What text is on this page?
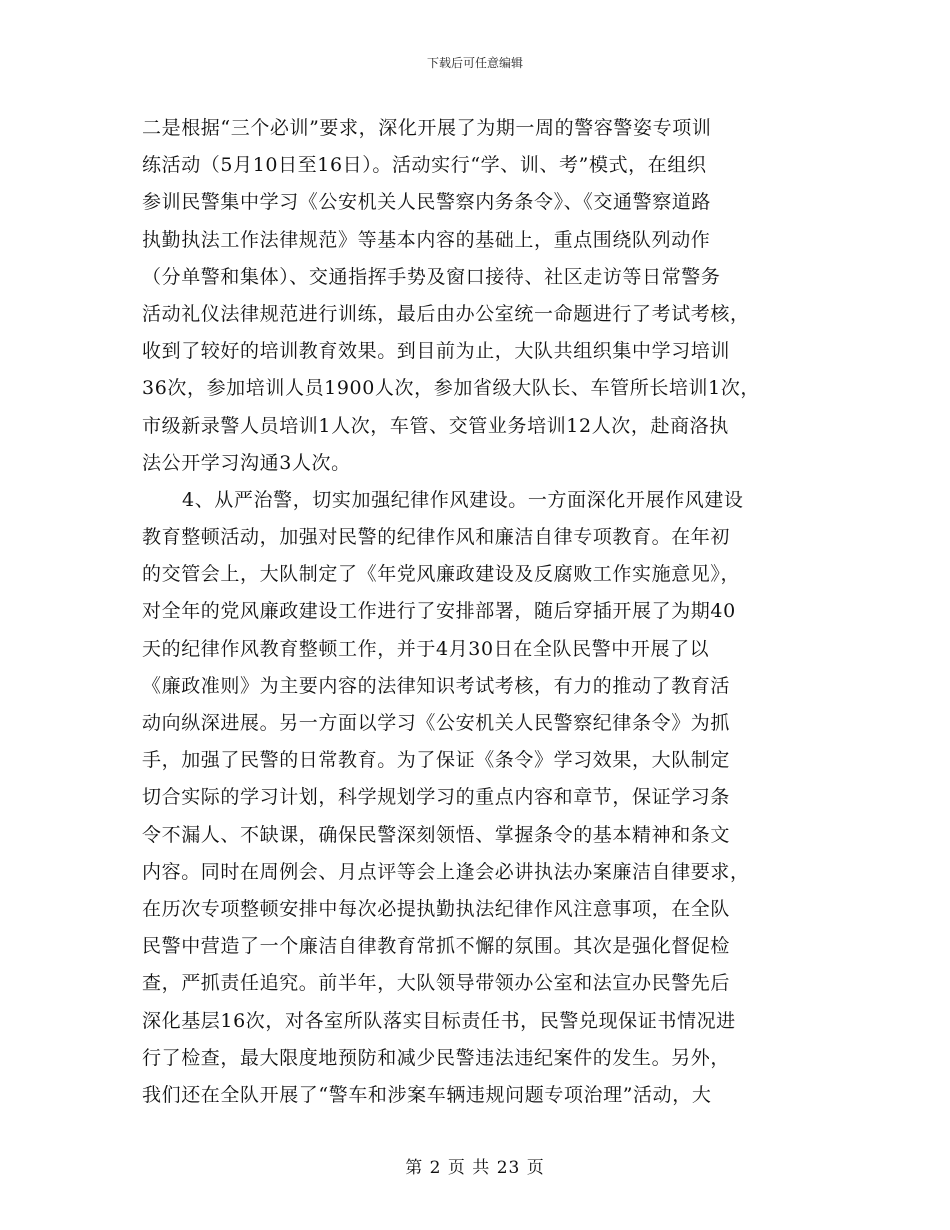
下载后可任意编辑
二是根据“三个必训”要求，深化开展了为期一周的警容警姿专项训
练活动（5月10日至16日）。活动实行“学、训、考”模式，在组织
参训民警集中学习《公安机关人民警察内务条令》、《交通警察道路
执勤执法工作法律规范》等基本内容的基础上，重点围绕队列动作
（分单警和集体）、交通指挥手势及窗口接待、社区走访等日常警务
活动礼仪法律规范进行训练，最后由办公室统一命题进行了考试考核，
收到了较好的培训教育效果。到目前为止，大队共组织集中学习培训
36次，参加培训人员1900人次，参加省级大队长、车管所长培训1次，
市级新录警人员培训1人次，车管、交管业务培训12人次，赴商洛执
法公开学习沟通3人次。
4、从严治警，切实加强纪律作风建设。一方面深化开展作风建设
教育整顿活动，加强对民警的纪律作风和廉洁自律专项教育。在年初
的交管会上，大队制定了《年党风廉政建设及反腐败工作实施意见》，
对全年的党风廉政建设工作进行了安排部署，随后穿插开展了为期40
天的纪律作风教育整顿工作，并于4月30日在全队民警中开展了以
《廉政准则》为主要内容的法律知识考试考核，有力的推动了教育活
动向纵深进展。另一方面以学习《公安机关人民警察纪律条令》为抓
手，加强了民警的日常教育。为了保证《条令》学习效果，大队制定
切合实际的学习计划，科学规划学习的重点内容和章节，保证学习条
令不漏人、不缺课，确保民警深刻领悟、掌握条令的基本精神和条文
内容。同时在周例会、月点评等会上逢会必讲执法办案廉洁自律要求，
在历次专项整顿安排中每次必提执勤执法纪律作风注意事项，在全队
民警中营造了一个廉洁自律教育常抓不懈的氛围。其次是强化督促检
查，严抓责任追究。前半年，大队领导带领办公室和法宣办民警先后
深化基层16次，对各室所队落实目标责任书，民警兑现保证书情况进
行了检查，最大限度地预防和减少民警违法违纪案件的发生。另外，
我们还在全队开展了“警车和涉案车辆违规问题专项治理”活动，大
第 2 页 共 23 页
